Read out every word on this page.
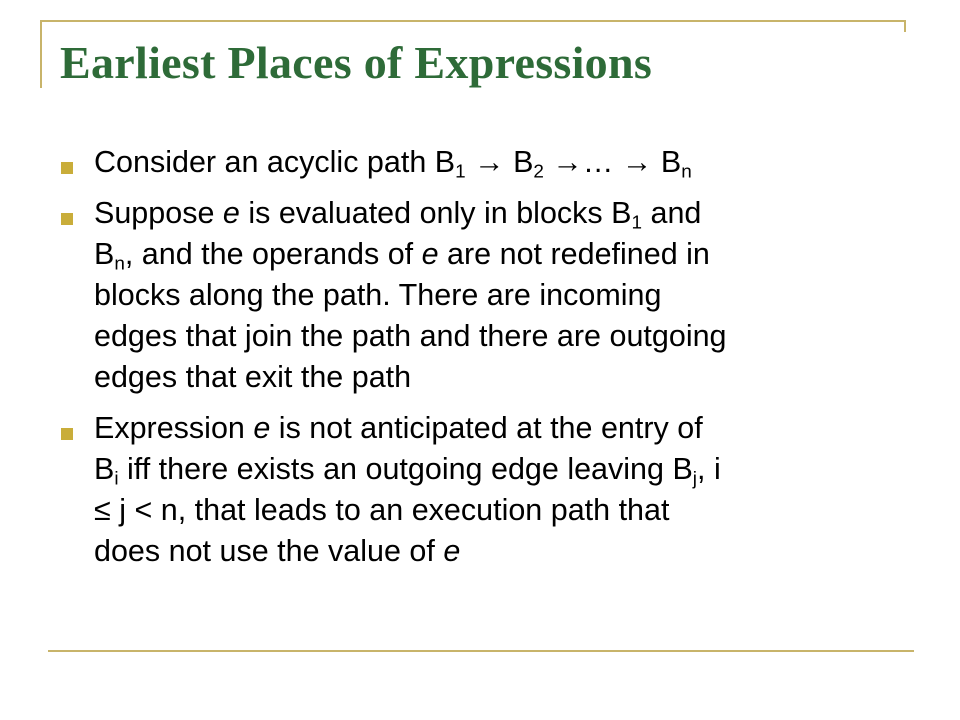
Earliest Places of Expressions
Consider an acyclic path $B_1 \to B_2$ →… → $B_n$
Suppose e is evaluated only in blocks $B_1$ and
$B_n$, and the operands of e are not redefined in
blocks along the path. There are incoming
edges that join the path and there are outgoing
edges that exit the path
Expression e is not anticipated at the entry of
$B_i$ iff there exists an outgoing edge leaving $B_j$, i
≤ j < n, that leads to an execution path that
does not use the value of e
